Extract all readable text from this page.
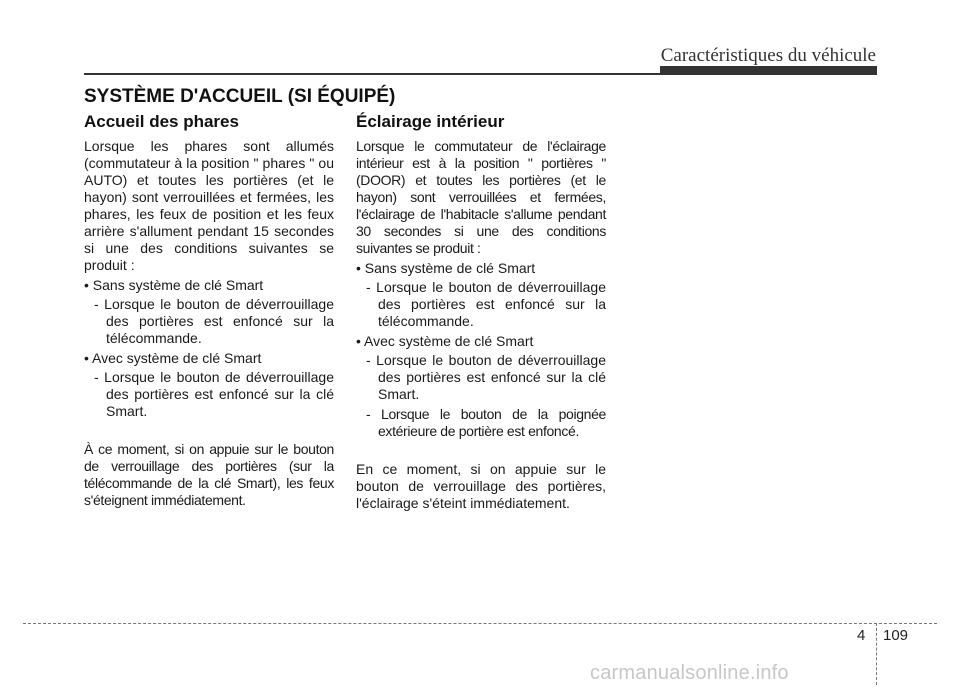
Caractéristiques du véhicule
SYSTÈME D'ACCUEIL (SI ÉQUIPÉ)
Accueil des phares
Lorsque les phares sont allumés (commutateur à la position " phares " ou AUTO) et toutes les portières (et le hayon) sont verrouillées et fermées, les phares, les feux de position et les feux arrière s'allument pendant 15 secondes si une des conditions suivantes se produit :
• Sans système de clé Smart
- Lorsque le bouton de déverrouillage des portières est enfoncé sur la télécommande.
• Avec système de clé Smart
- Lorsque le bouton de déverrouillage des portières est enfoncé sur la clé Smart.
À ce moment, si on appuie sur le bouton de verrouillage des portières (sur la télécommande de la clé Smart), les feux s'éteignent immédiatement.
Éclairage intérieur
Lorsque le commutateur de l'éclairage intérieur est à la position " portières " (DOOR) et toutes les portières (et le hayon) sont verrouillées et fermées, l'éclairage de l'habitacle s'allume pendant 30 secondes si une des conditions suivantes se produit :
• Sans système de clé Smart
- Lorsque le bouton de déverrouillage des portières est enfoncé sur la télécommande.
• Avec système de clé Smart
- Lorsque le bouton de déverrouillage des portières est enfoncé sur la clé Smart.
- Lorsque le bouton de la poignée extérieure de portière est enfoncé.
En ce moment, si on appuie sur le bouton de verrouillage des portières, l'éclairage s'éteint immédiatement.
4 109
carmanualsonline.info
